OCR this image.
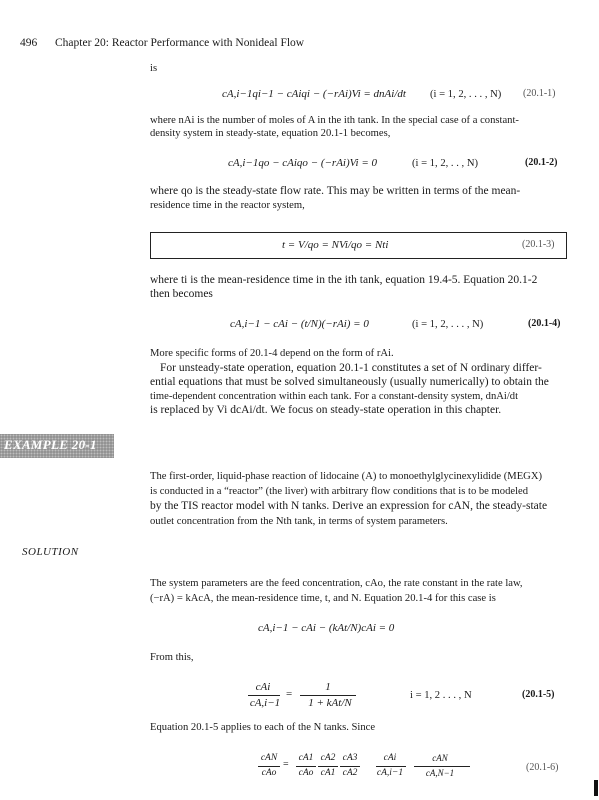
496 Chapter 20: Reactor Performance with Nonideal Flow
is
cA,i−1qi−1 − cAiqi − (−rAi)Vi = dnAi/dt (i = 1, 2, . . . , N) (20.1-1)
where nAi is the number of moles of A in the ith tank. In the special case of a constant-
density system in steady-state, equation 20.1-1 becomes,
cA,i−1qo − cAiqo − (−rAi)Vi = 0	(i = 1, 2, . . , N)	(20.1-2)
where qo is the steady-state flow rate. This may be written in terms of the mean-
residence time in the reactor system,
t = V/qo = NVi/qo = Nti	(20.1-3)
where ti is the mean-residence time in the ith tank, equation 19.4-5. Equation 20.1-2
then becomes
cA,i−1 − cAi − (t/N)(−rAi) = 0	(i = 1, 2, . . . , N)	(20.1-4)
More specific forms of 20.1-4 depend on the form of rAi.
For unsteady-state operation, equation 20.1-1 constitutes a set of N ordinary differ-
ential equations that must be solved simultaneously (usually numerically) to obtain the
time-dependent concentration within each tank. For a constant-density system, dnAi/dt
is replaced by Vi dcAi/dt. We focus on steady-state operation in this chapter.
EXAMPLE 20-1
The first-order, liquid-phase reaction of lidocaine (A) to monoethylglycinexylidide (MEGX)
is conducted in a “reactor” (the liver) with arbitrary flow conditions that is to be modeled
by the TIS reactor model with N tanks. Derive an expression for cAN, the steady-state
outlet concentration from the Nth tank, in terms of system parameters.
SOLUTION
The system parameters are the feed concentration, cAo, the rate constant in the rate law,
(−rA) = kAcA, the mean-residence time, t, and N. Equation 20.1-4 for this case is
cA,i−1 − cAi − (kAt/N)cAi = 0
From this,
cAi
cA,i−1
=
1
1 + kAt/N
i = 1, 2 . . . , N	(20.1-5)
Equation 20.1-5 applies to each of the N tanks. Since
cAN
cAo
=
cA1
cAo
cA2
cA1
cA3
cA2
cAi
cA,i−1
cAN
cA,N−1	(20.1-6)
